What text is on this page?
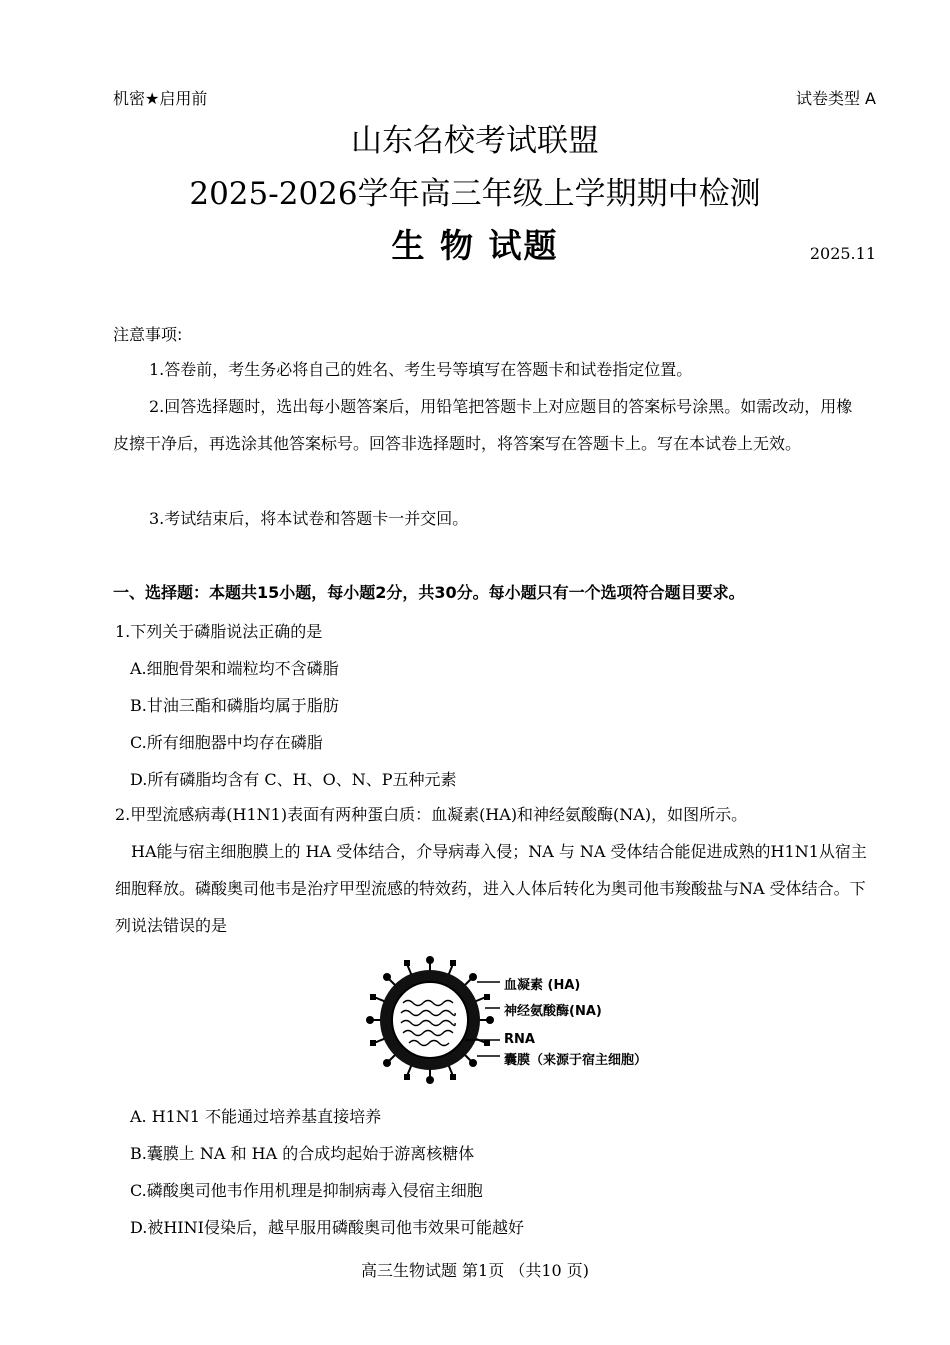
机密★启用前	试卷类型 A
山东名校考试联盟
2025-2026学年高三年级上学期期中检测
生 物 试题	2025.11
注意事项:
1.答卷前，考生务必将自己的姓名、考生号等填写在答题卡和试卷指定位置。
2.回答选择题时，选出每小题答案后，用铅笔把答题卡上对应题目的答案标号涂黑。如需改动，用橡皮擦干净后，再选涂其他答案标号。回答非选择题时，将答案写在答题卡上。写在本试卷上无效。
3.考试结束后，将本试卷和答题卡一并交回。
一、选择题：本题共15小题，每小题2分，共30分。每小题只有一个选项符合题目要求。
1.下列关于磷脂说法正确的是
A.细胞骨架和端粒均不含磷脂
B.甘油三酯和磷脂均属于脂肪
C.所有细胞器中均存在磷脂
D.所有磷脂均含有 C、H、O、N、P五种元素
2.甲型流感病毒(H1N1)表面有两种蛋白质：血凝素(HA)和神经氨酸酶(NA)，如图所示。
HA能与宿主细胞膜上的 HA 受体结合，介导病毒入侵；NA 与 NA 受体结合能促进成熟的H1N1从宿主细胞释放。磷酸奥司他韦是治疗甲型流感的特效药，进入人体后转化为奥司他韦羧酸盐与NA 受体结合。下列说法错误的是
血凝素 (HA)
神经氨酸酶(NA)
RNA
囊膜（来源于宿主细胞）
A. H1N1 不能通过培养基直接培养
B.囊膜上 NA 和 HA 的合成均起始于游离核糖体
C.磷酸奥司他韦作用机理是抑制病毒入侵宿主细胞
D.被HINI侵染后，越早服用磷酸奥司他韦效果可能越好
高三生物试题 第1页 （共10 页)
